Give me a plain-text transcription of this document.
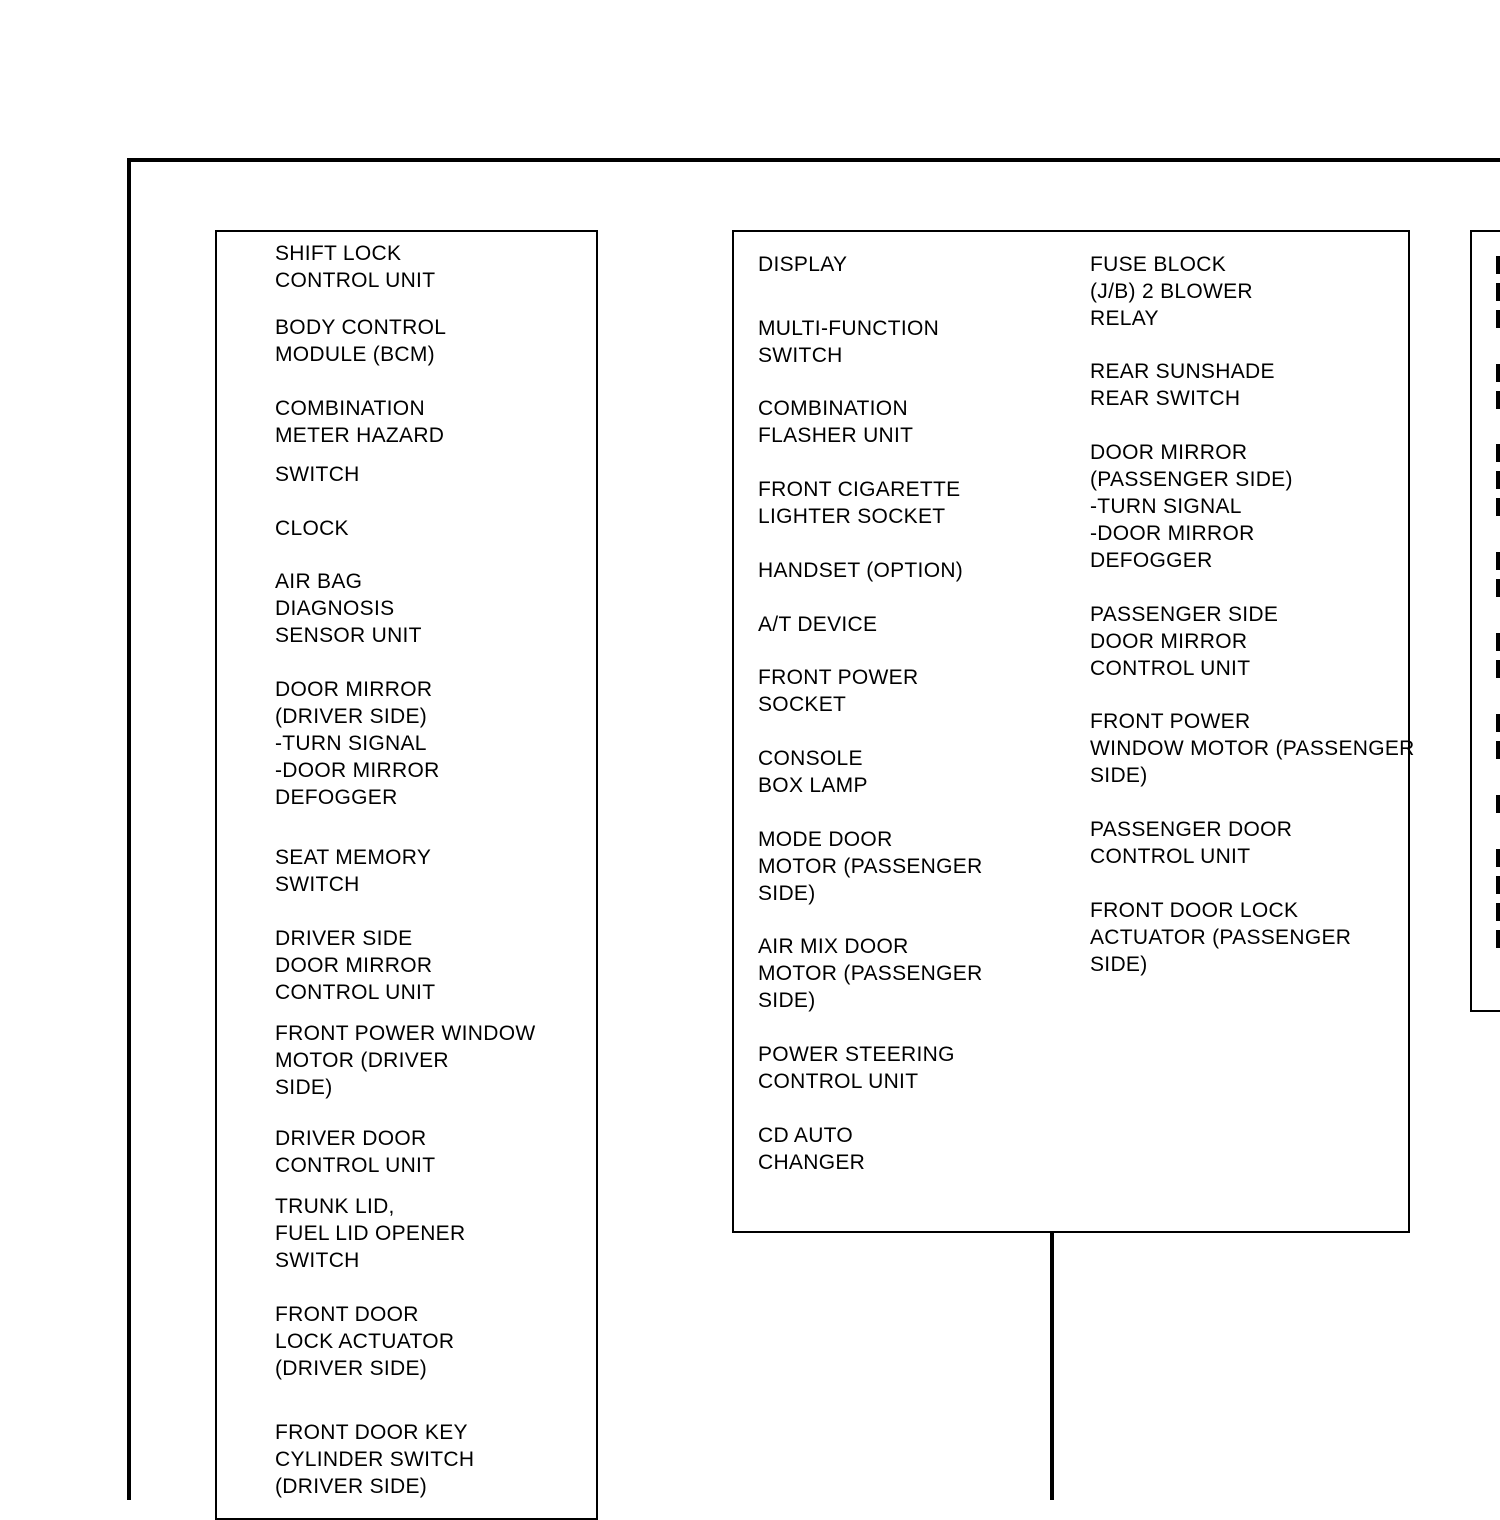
SHIFT LOCK
CONTROL UNIT
BODY CONTROL
MODULE (BCM)
COMBINATION
METER HAZARD
SWITCH
CLOCK
AIR BAG
DIAGNOSIS
SENSOR UNIT
DOOR MIRROR
(DRIVER SIDE)
-TURN SIGNAL
-DOOR MIRROR
DEFOGGER
SEAT MEMORY
SWITCH
DRIVER SIDE
DOOR MIRROR
CONTROL UNIT
FRONT POWER WINDOW
MOTOR (DRIVER
SIDE)
DRIVER DOOR
CONTROL UNIT
TRUNK LID,
FUEL LID OPENER
SWITCH
FRONT DOOR
LOCK ACTUATOR
(DRIVER SIDE)
FRONT DOOR KEY
CYLINDER SWITCH
(DRIVER SIDE)
DISPLAY
MULTI-FUNCTION
SWITCH
COMBINATION
FLASHER UNIT
FRONT CIGARETTE
LIGHTER SOCKET
HANDSET (OPTION)
A/T DEVICE
FRONT POWER
SOCKET
CONSOLE
BOX LAMP
MODE DOOR
MOTOR (PASSENGER
SIDE)
AIR MIX DOOR
MOTOR (PASSENGER
SIDE)
POWER STEERING
CONTROL UNIT
CD AUTO
CHANGER
FUSE BLOCK
(J/B) 2 BLOWER
RELAY
REAR SUNSHADE
REAR SWITCH
DOOR MIRROR
(PASSENGER SIDE)
-TURN SIGNAL
-DOOR MIRROR
DEFOGGER
PASSENGER SIDE
DOOR MIRROR
CONTROL UNIT
FRONT POWER
WINDOW MOTOR (PASSENGER
SIDE)
PASSENGER DOOR
CONTROL UNIT
FRONT DOOR LOCK
ACTUATOR (PASSENGER
SIDE)
